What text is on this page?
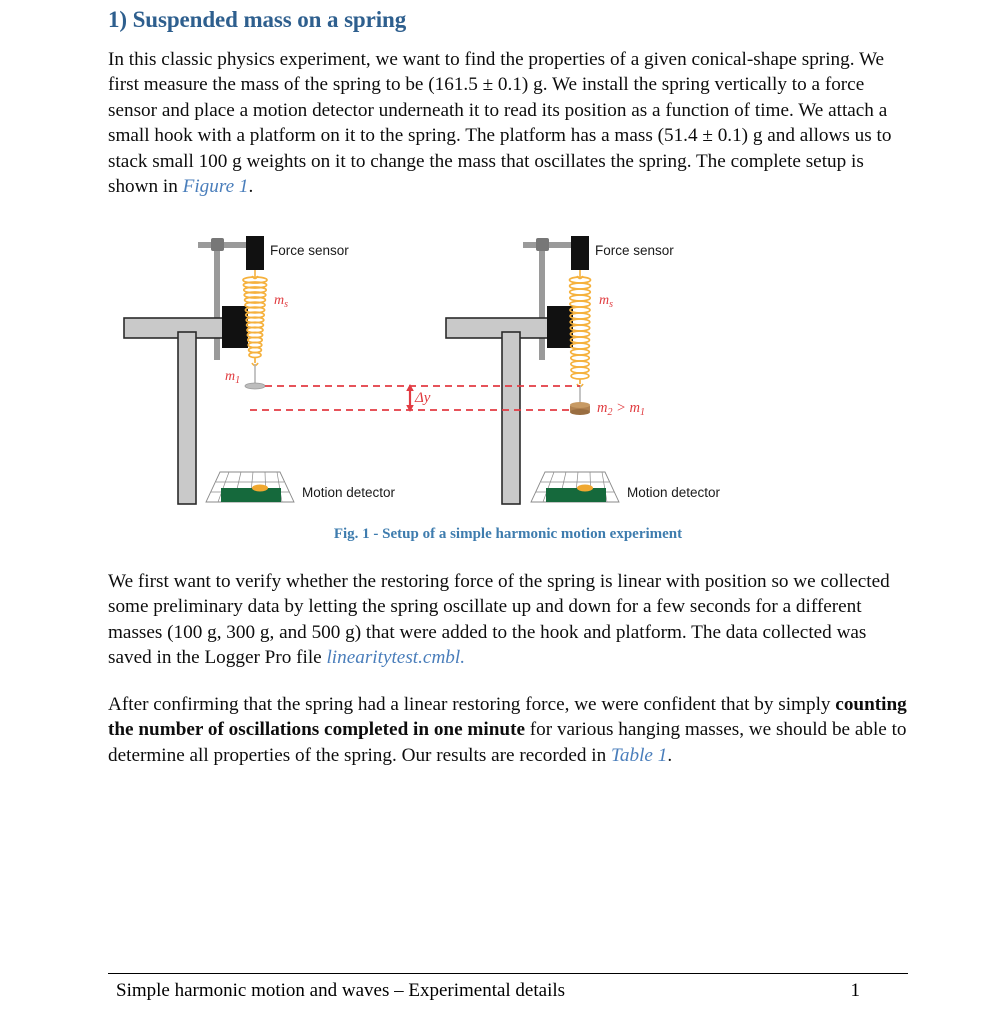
1) Suspended mass on a spring

In this classic physics experiment, we want to find the properties of a given conical-shape spring. We first measure the mass of the spring to be (161.5 ± 0.1) g. We install the spring vertically to a force sensor and place a motion detector underneath it to read its position as a function of time. We attach a small hook with a platform on it to the spring. The platform has a mass (51.4 ± 0.1) g and allows us to stack small 100 g weights on it to change the mass that oscillates the spring. The complete setup is shown in Figure 1.

$m_s$
$m_1$
Motion detector
Force sensor
$m_s$
$m_2 > m_1$
Motion detector
Force sensor
Δy
Fig. 1 - Setup of a simple harmonic motion experiment

We first want to verify whether the restoring force of the spring is linear with position so we collected some preliminary data by letting the spring oscillate up and down for a few seconds for a different masses (100 g, 300 g, and 500 g) that were added to the hook and platform. The data collected was saved in the Logger Pro file linearitytest.cmbl.

After confirming that the spring had a linear restoring force, we were confident that by simply counting the number of oscillations completed in one minute for various hanging masses, we should be able to determine all properties of the spring. Our results are recorded in Table 1.

Simple harmonic motion and waves – Experimental details	1
